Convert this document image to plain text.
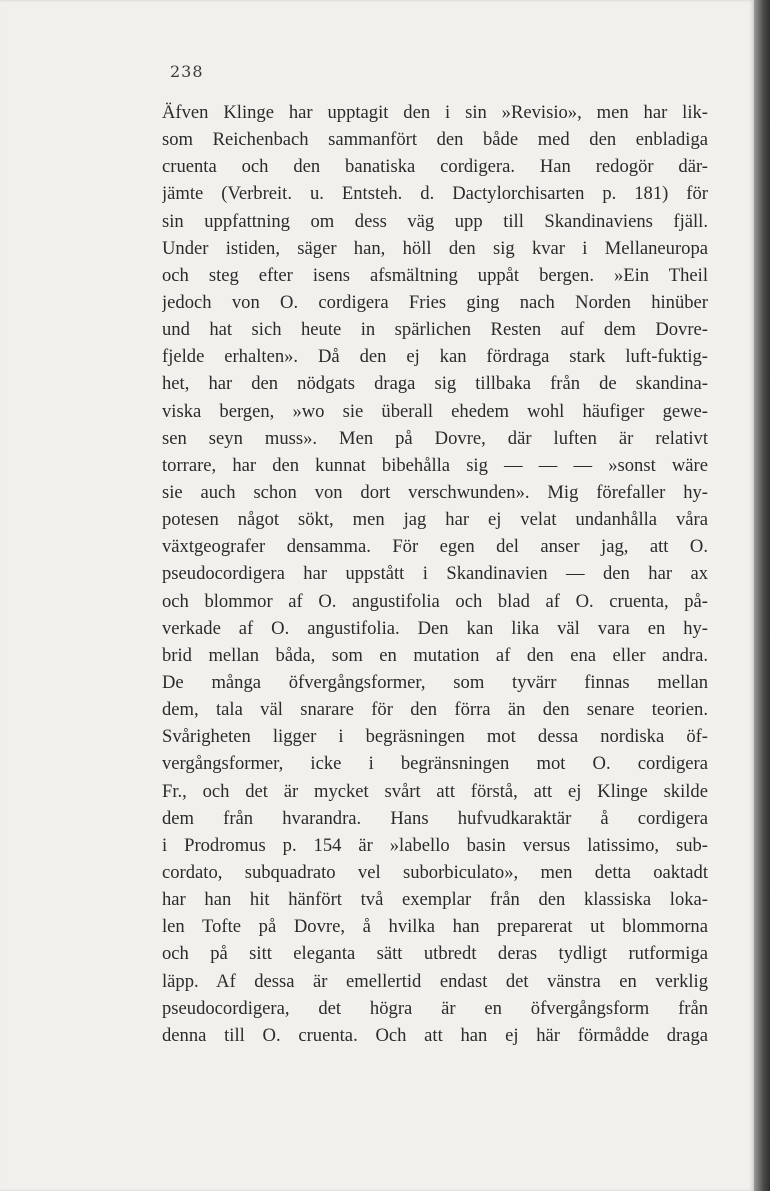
238
Äfven Klinge har upptagit den i sin »Revisio», men har lik-
som Reichenbach sammanfört den både med den enbladiga
cruenta och den banatiska cordigera. Han redogör där-
jämte (Verbreit. u. Entsteh. d. Dactylorchisarten p. 181) för
sin uppfattning om dess väg upp till Skandinaviens fjäll.
Under istiden, säger han, höll den sig kvar i Mellaneuropa
och steg efter isens afsmältning uppåt bergen. »Ein Theil
jedoch von O. cordigera Fries ging nach Norden hinüber
und hat sich heute in spärlichen Resten auf dem Dovre-
fjelde erhalten». Då den ej kan fördraga stark luft-fuktig-
het, har den nödgats draga sig tillbaka från de skandina-
viska bergen, »wo sie überall ehedem wohl häufiger gewe-
sen seyn muss». Men på Dovre, där luften är relativt
torrare, har den kunnat bibehålla sig — — — »sonst wäre
sie auch schon von dort verschwunden». Mig förefaller hy-
potesen något sökt, men jag har ej velat undanhålla våra
växtgeografer densamma. För egen del anser jag, att O.
pseudocordigera har uppstått i Skandinavien — den har ax
och blommor af O. angustifolia och blad af O. cruenta, på-
verkade af O. angustifolia. Den kan lika väl vara en hy-
brid mellan båda, som en mutation af den ena eller andra.
De många öfvergångsformer, som tyvärr finnas mellan
dem, tala väl snarare för den förra än den senare teorien.
Svårigheten ligger i begräsningen mot dessa nordiska öf-
vergångsformer, icke i begränsningen mot O. cordigera
Fr., och det är mycket svårt att förstå, att ej Klinge skilde
dem från hvarandra. Hans hufvudkaraktär å cordigera
i Prodromus p. 154 är »labello basin versus latissimo, sub-
cordato, subquadrato vel suborbiculato», men detta oaktadt
har han hit hänfört två exemplar från den klassiska loka-
len Tofte på Dovre, å hvilka han preparerat ut blommorna
och på sitt eleganta sätt utbredt deras tydligt rutformiga
läpp. Af dessa är emellertid endast det vänstra en verklig
pseudocordigera, det högra är en öfvergångsform från
denna till O. cruenta. Och att han ej här förmådde draga
